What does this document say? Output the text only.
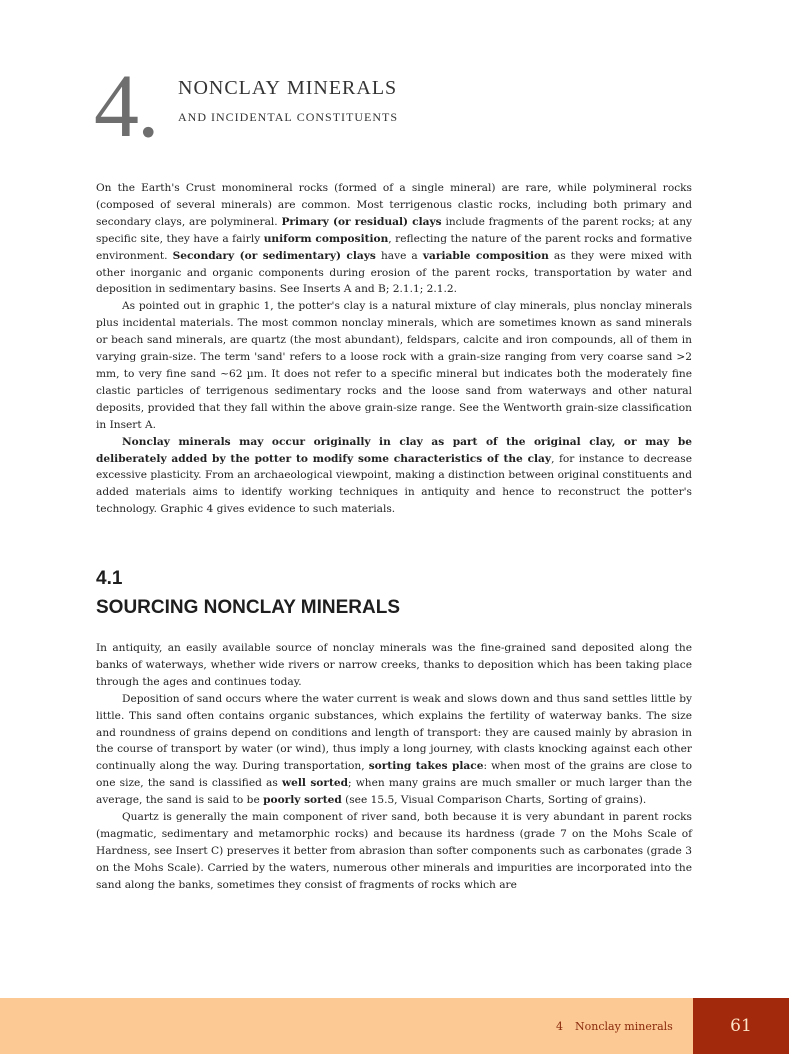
4. nonclay minerals
and incidental constituents

On the Earth's Crust monomineral rocks (formed of a single mineral) are rare, while polymineral rocks (composed of several minerals) are common. Most terrigenous clastic rocks, including both primary and secondary clays, are polymineral. Primary (or residual) clays include fragments of the parent rocks; at any specific site, they have a fairly uniform composition, reflecting the nature of the parent rocks and formative environment. Secondary (or sedimentary) clays have a variable composition as they were mixed with other inorganic and organic components during erosion of the parent rocks, transportation by water and deposition in sedimentary basins. See Inserts A and B; 2.1.1; 2.1.2.

As pointed out in graphic 1, the potter's clay is a natural mixture of clay minerals, plus nonclay minerals plus incidental materials. The most common nonclay minerals, which are sometimes known as sand minerals or beach sand minerals, are quartz (the most abundant), feldspars, calcite and iron compounds, all of them in varying grain-size. The term 'sand' refers to a loose rock with a grain-size ranging from very coarse sand >2 mm, to very fine sand ~62 µm. It does not refer to a specific mineral but indicates both the moderately fine clastic particles of terrigenous sedimentary rocks and the loose sand from waterways and other natural deposits, provided that they fall within the above grain-size range. See the Wentworth grain-size classification in Insert A.

Nonclay minerals may occur originally in clay as part of the original clay, or may be deliberately added by the potter to modify some characteristics of the clay, for instance to decrease excessive plasticity. From an archaeological viewpoint, making a distinction between original constituents and added materials aims to identify working techniques in antiquity and hence to reconstruct the potter's technology. Graphic 4 gives evidence to such materials.

4.1
SOURCING NONCLAY MINERALS

In antiquity, an easily available source of nonclay minerals was the fine-grained sand deposited along the banks of waterways, whether wide rivers or narrow creeks, thanks to deposition which has been taking place through the ages and continues today.

Deposition of sand occurs where the water current is weak and slows down and thus sand settles little by little. This sand often contains organic substances, which explains the fertility of waterway banks. The size and roundness of grains depend on conditions and length of transport: they are caused mainly by abrasion in the course of transport by water (or wind), thus imply a long journey, with clasts knocking against each other continually along the way. During transportation, sorting takes place: when most of the grains are close to one size, the sand is classified as well sorted; when many grains are much smaller or much larger than the average, the sand is said to be poorly sorted (see 15.5, Visual Comparison Charts, Sorting of grains).

Quartz is generally the main component of river sand, both because it is very abundant in parent rocks (magmatic, sedimentary and metamorphic rocks) and because its hardness (grade 7 on the Mohs Scale of Hardness, see Insert C) preserves it better from abrasion than softer components such as carbonates (grade 3 on the Mohs Scale). Carried by the waters, numerous other minerals and impurities are incorporated into the sand along the banks, sometimes they consist of fragments of rocks which are

4 Nonclay minerals	61
